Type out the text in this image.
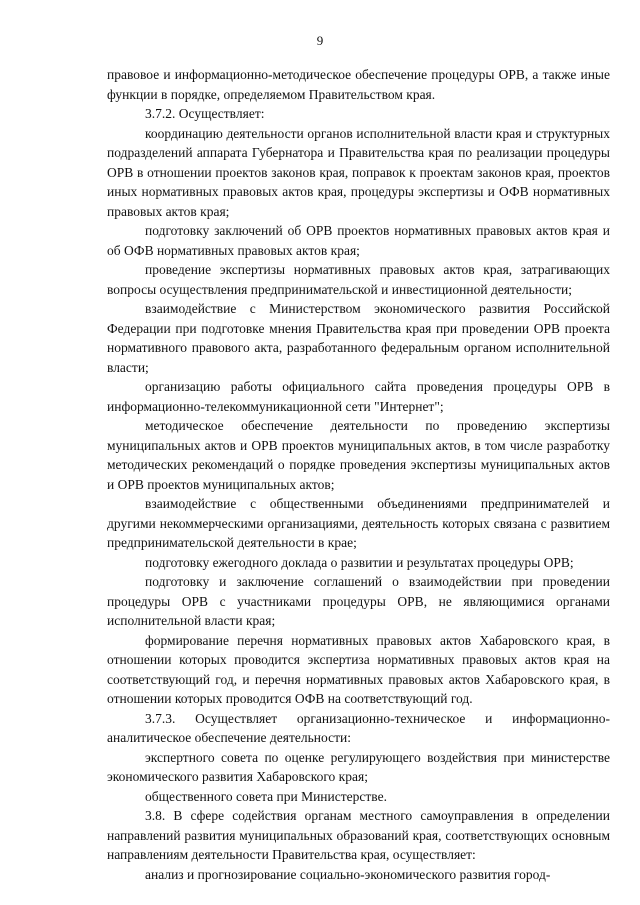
9

правовое и информационно-методическое обеспечение процедуры ОРВ, а также иные функции в порядке, определяемом Правительством края.

3.7.2. Осуществляет:

координацию деятельности органов исполнительной власти края и структурных подразделений аппарата Губернатора и Правительства края по реализации процедуры ОРВ в отношении проектов законов края, поправок к проектам законов края, проектов иных нормативных правовых актов края, процедуры экспертизы и ОФВ нормативных правовых актов края;

подготовку заключений об ОРВ проектов нормативных правовых актов края и об ОФВ нормативных правовых актов края;

проведение экспертизы нормативных правовых актов края, затрагивающих вопросы осуществления предпринимательской и инвестиционной деятельности;

взаимодействие с Министерством экономического развития Российской Федерации при подготовке мнения Правительства края при проведении ОРВ проекта нормативного правового акта, разработанного федеральным органом исполнительной власти;

организацию работы официального сайта проведения процедуры ОРВ в информационно-телекоммуникационной сети "Интернет";

методическое обеспечение деятельности по проведению экспертизы муниципальных актов и ОРВ проектов муниципальных актов, в том числе разработку методических рекомендаций о порядке проведения экспертизы муниципальных актов и ОРВ проектов муниципальных актов;

взаимодействие с общественными объединениями предпринимателей и другими некоммерческими организациями, деятельность которых связана с развитием предпринимательской деятельности в крае;

подготовку ежегодного доклада о развитии и результатах процедуры ОРВ;

подготовку и заключение соглашений о взаимодействии при проведении процедуры ОРВ с участниками процедуры ОРВ, не являющимися органами исполнительной власти края;

формирование перечня нормативных правовых актов Хабаровского края, в отношении которых проводится экспертиза нормативных правовых актов края на соответствующий год, и перечня нормативных правовых актов Хабаровского края, в отношении которых проводится ОФВ на соответствующий год.

3.7.3. Осуществляет организационно-техническое и информационно-аналитическое обеспечение деятельности:

экспертного совета по оценке регулирующего воздействия при министерстве экономического развития Хабаровского края;

общественного совета при Министерстве.

3.8. В сфере содействия органам местного самоуправления в определении направлений развития муниципальных образований края, соответствующих основным направлениям деятельности Правительства края, осуществляет:

анализ и прогнозирование социально-экономического развития город-
